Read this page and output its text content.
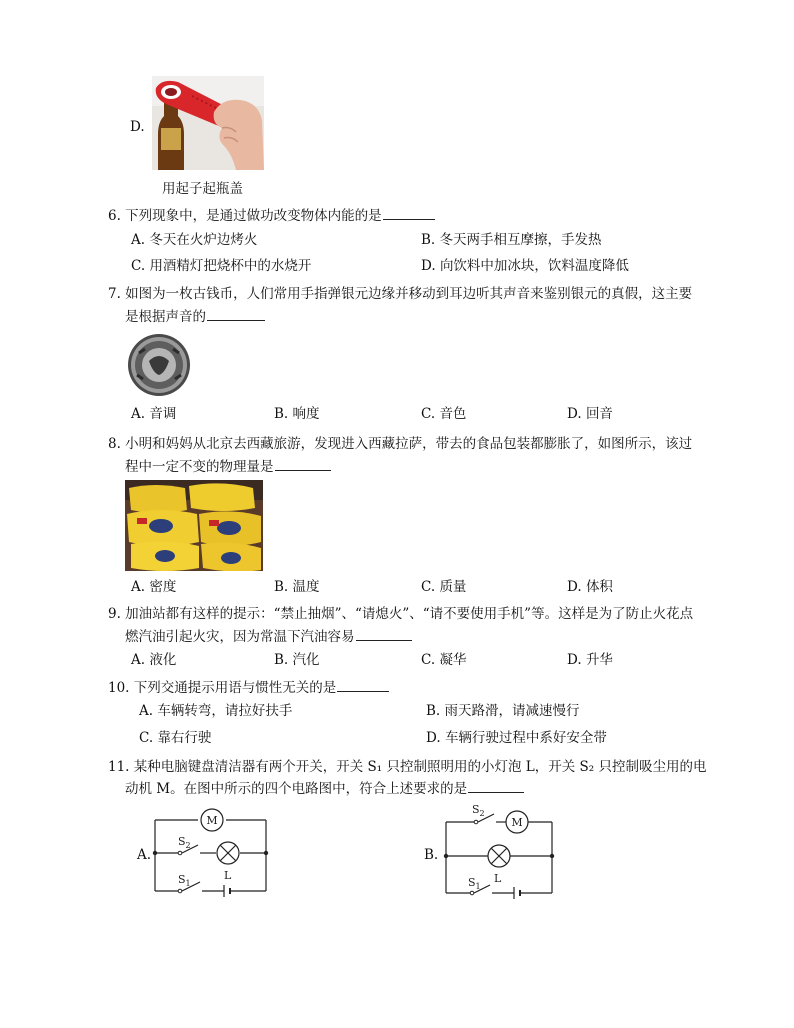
D.
用起子起瓶盖
6. 下列现象中，是通过做功改变物体内能的是
A. 冬天在火炉边烤火	B. 冬天两手相互摩擦，手发热
C. 用酒精灯把烧杯中的水烧开	D. 向饮料中加冰块，饮料温度降低
7. 如图为一枚古钱币，人们常用手指弹银元边缘并移动到耳边听其声音来鉴别银元的真假，这主要
是根据声音的
A. 音调	B. 响度	C. 音色	D. 回音
8. 小明和妈妈从北京去西藏旅游，发现进入西藏拉萨，带去的食品包装都膨胀了，如图所示，该过
程中一定不变的物理量是
A. 密度	B. 温度	C. 质量	D. 体积
9. 加油站都有这样的提示：“禁止抽烟”、“请熄火”、“请不要使用手机”等。这样是为了防止火花点
燃汽油引起火灾，因为常温下汽油容易
A. 液化	B. 汽化	C. 凝华	D. 升华
10. 下列交通提示用语与惯性无关的是
A. 车辆转弯，请拉好扶手	B. 雨天路滑，请减速慢行
C. 靠右行驶	D. 车辆行驶过程中系好安全带
11. 某种电脑键盘清洁器有两个开关，开关 S₁ 只控制照明用的小灯泡 L，开关 S₂ 只控制吸尘用的电
动机 M。在图中所示的四个电路图中，符合上述要求的是
A.
M
$S_2$
$S_1$
L
B.
M
$S_2$
$S_1$
L
